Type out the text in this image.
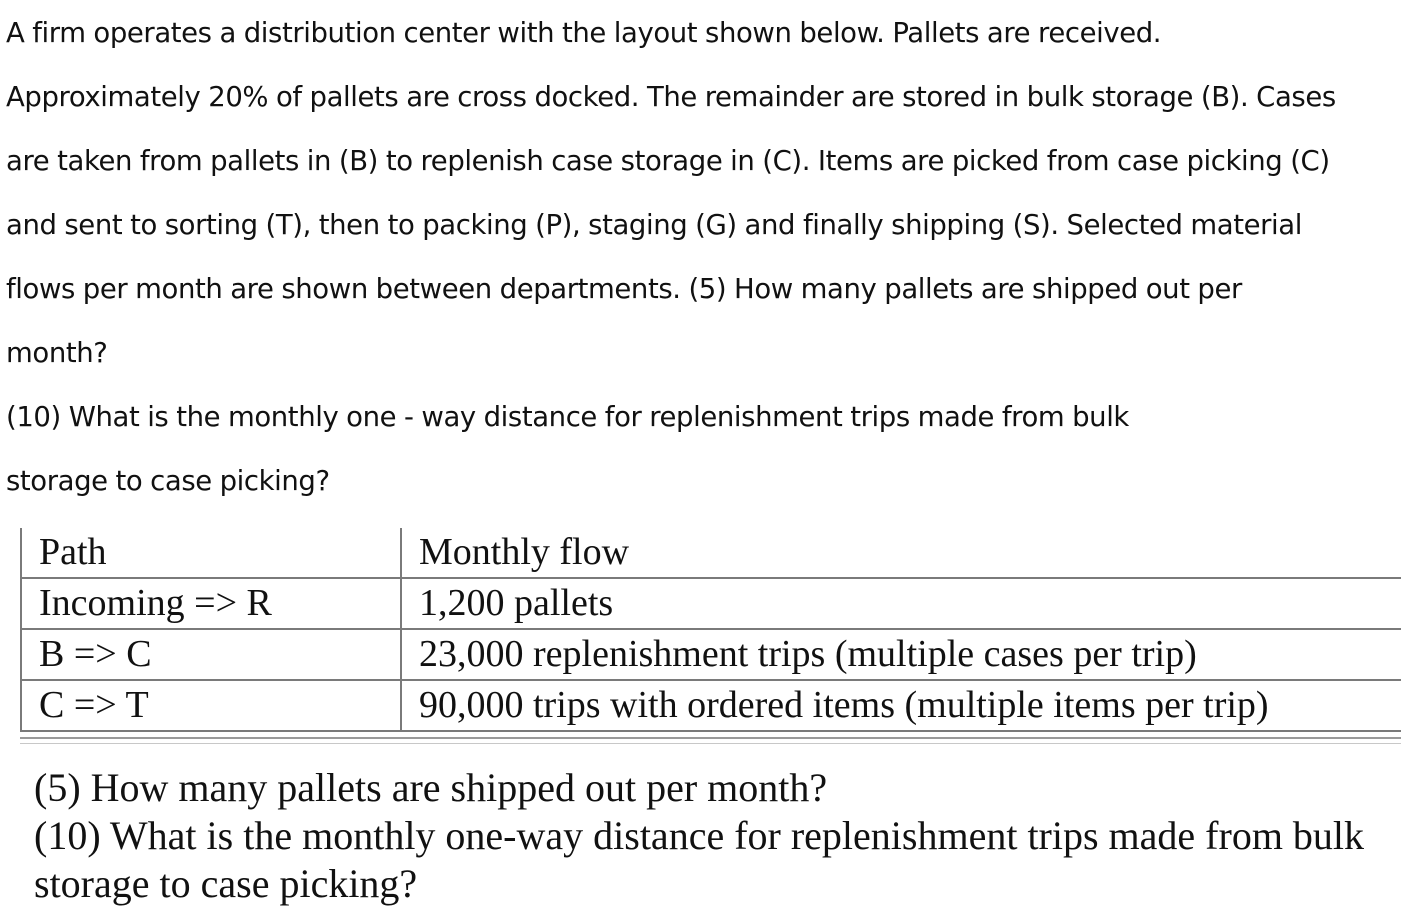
A firm operates a distribution center with the layout shown below. Pallets are received.
Approximately 20% of pallets are cross docked. The remainder are stored in bulk storage (B). Cases
are taken from pallets in (B) to replenish case storage in (C). Items are picked from case picking (C)
and sent to sorting (T), then to packing (P), staging (G) and finally shipping (S). Selected material
flows per month are shown between departments. (5) How many pallets are shipped out per
month?
(10) What is the monthly one - way distance for replenishment trips made from bulk
storage to case picking?
Path	Monthly flow
Incoming => R	1,200 pallets
B => C	23,000 replenishment trips (multiple cases per trip)
C => T	90,000 trips with ordered items (multiple items per trip)
(5) How many pallets are shipped out per month?
(10) What is the monthly one-way distance for replenishment trips made from bulk
storage to case picking?
